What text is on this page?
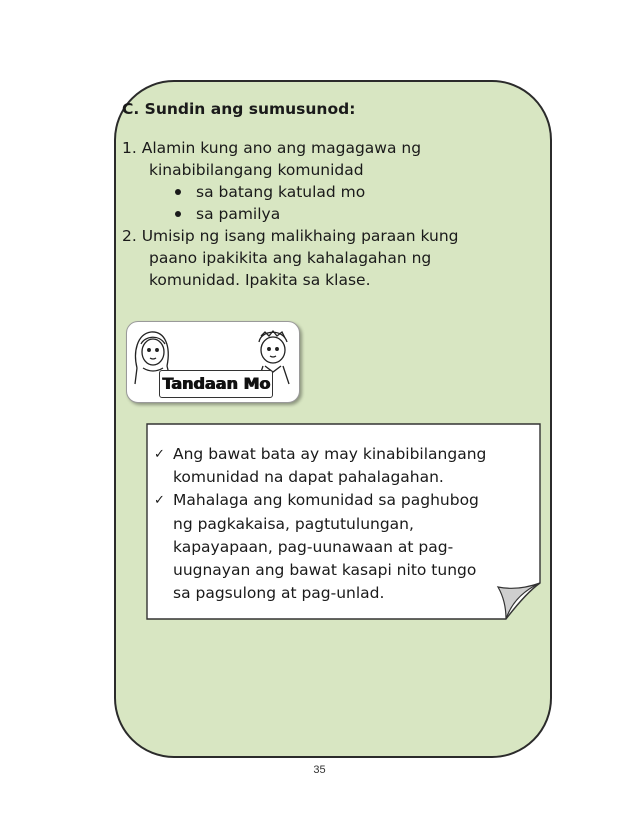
C. Sundin ang sumusunod:
1. Alamin kung ano ang magagawa ng
kinabibilangang komunidad
sa batang katulad mo
sa pamilya
2. Umisip ng isang malikhaing paraan kung
paano ipakikita ang kahalagahan ng
komunidad. Ipakita sa klase.
Tandaan Mo
✓ Ang bawat bata ay may kinabibilangang
komunidad na dapat pahalagahan.
✓ Mahalaga ang komunidad sa paghubog
ng pagkakaisa, pagtutulungan,
kapayapaan, pag-uunawaan at pag-
uugnayan ang bawat kasapi nito tungo
sa pagsulong at pag-unlad.
35
